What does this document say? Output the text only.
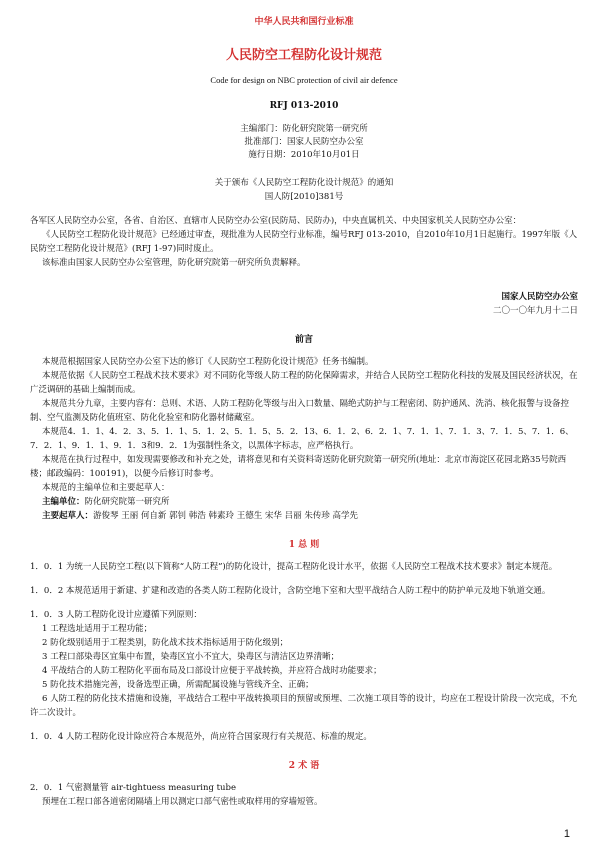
中华人民共和国行业标准
人民防空工程防化设计规范
Code for design on NBC protection of civil air defence
RFJ 013-2010
主编部门： 防化研究院第一研究所
批准部门： 国家人民防空办公室
施行日期： 2010年10月01日

关于颁布《人民防空工程防化设计规范》的通知

国人防[2010]381号

各军区人民防空办公室，各省、自治区、直辖市人民防空办公室(民防局、民防办)，中央直属机关、中央国家机关人民防空办公室：

《人民防空工程防化设计规范》已经通过审查，现批准为人民防空行业标准，编号RFJ 013-2010，自2010年10月1日起施行。1997年版《人民防空工程防化设计规范》(RFJ 1-97)同时废止。

该标准由国家人民防空办公室管理，防化研究院第一研究所负责解释。

国家人民防空办公室

二〇一〇年九月十二日

前言

本规范根据国家人民防空办公室下达的修订《人民防空工程防化设计规范》任务书编制。

本规范依据《人民防空工程战术技术要求》对不同防化等级人防工程的防化保障需求，并结合人民防空工程防化科技的发展及国民经济状况，在广泛调研的基础上编制而成。

本规范共分九章，主要内容有：总则、术语、人防工程防化等级与出入口数量、隔绝式防护与工程密闭、防护通风、洗消、核化报警与设备控制、空气监测及防化值班室、防化化验室和防化器材储藏室。

本规范4．1．1、4．2．3、5．1．1、5．1．2、5．1．5、5．2．13、6．1．2、6．2．1、7．1．1、7．1．3、7．1．5、7．1．6、7．2．1、9．1．1、9．1．3和9．2．1为强制性条文，以黑体字标志，应严格执行。

本规范在执行过程中，如发现需要修改和补充之处，请将意见和有关资料寄送防化研究院第一研究所(地址：北京市海淀区花园北路35号院西楼；邮政编码：100191)，以便今后修订时参考。

本规范的主编单位和主要起草人：

主编单位：防化研究院第一研究所

主要起草人：游俊琴 王丽 何自新 郭钊 韩浩 韩素玲 王德生 宋华 吕丽 朱传珍 高学先

1 总 则

1．0．1 为统一人民防空工程(以下简称“人防工程”)的防化设计，提高工程防化设计水平，依据《人民防空工程战术技术要求》制定本规范。

1．0．2 本规范适用于新建、扩建和改造的各类人防工程防化设计，含防空地下室和大型平战结合人防工程中的防护单元及地下轨道交通。

1．0．3 人防工程防化设计应遵循下列原则：

1 工程选址适用于工程功能；

2 防化级别适用于工程类别，防化战术技术指标适用于防化级别；

3 工程口部染毒区宜集中布置，染毒区宜小不宜大，染毒区与清洁区边界清晰；

4 平战结合的人防工程防化平面布局及口部设计应便于平战转换，并应符合战时功能要求；

5 防化技术措施完善，设备选型正确，所需配属设施与管线齐全、正确；

6 人防工程的防化技术措施和设施，平战结合工程中平战转换项目的预留或预埋、二次施工项目等的设计，均应在工程设计阶段一次完成，不允许二次设计。

1．0．4 人防工程防化设计除应符合本规范外，尚应符合国家现行有关规范、标准的规定。

2 术 语

2．0．1 气密测量管 air-tightuess measuring tube

预埋在工程口部各道密闭隔墙上用以测定口部气密性或取样用的穿墙短管。

1
